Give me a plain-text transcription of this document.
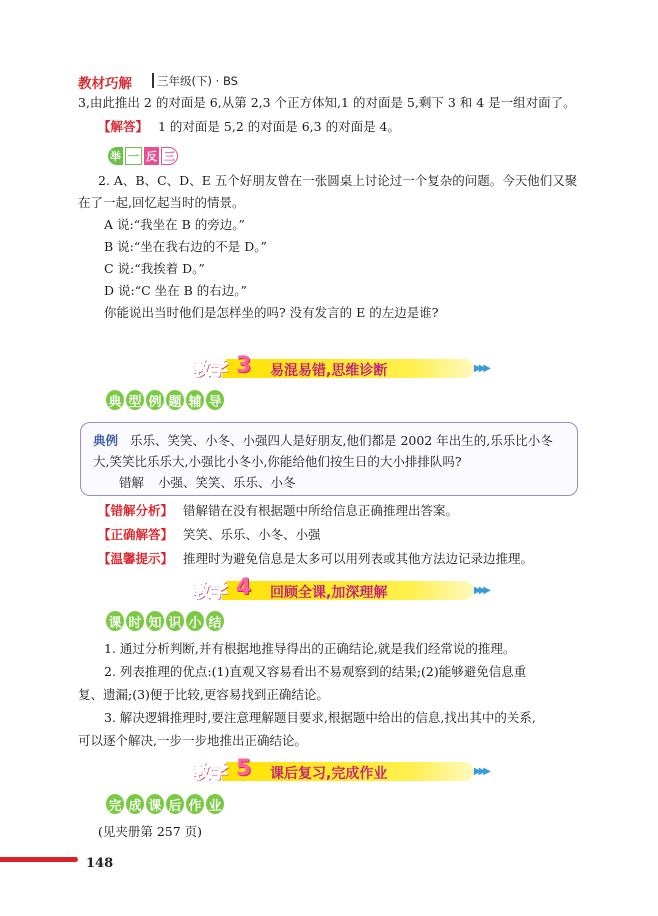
教材巧解 三年级(下) · BS
3,由此推出 2 的对面是 6,从第 2,3 个正方体知,1 的对面是 5,剩下 3 和 4 是一组对面了。
【解答】 1 的对面是 5,2 的对面是 6,3 的对面是 4。
举 一 反 三
2. A、B、C、D、E 五个好朋友曾在一张圆桌上讨论过一个复杂的问题。今天他们又聚
在了一起,回忆起当时的情景。
A 说:“我坐在 B 的旁边。”
B 说:“坐在我右边的不是 D。”
C 说:“我挨着 D。”
D 说:“C 坐在 B 的右边。”
你能说出当时他们是怎样坐的吗? 没有发言的 E 的左边是谁?
教学 3 易混易错,思维诊断	▶▶▶
典 型 例 题 辅 导
典例 乐乐、笑笑、小冬、小强四人是好朋友,他们都是 2002 年出生的,乐乐比小冬
大,笑笑比乐乐大,小强比小冬小,你能给他们按生日的大小排排队吗?
错解 小强、笑笑、乐乐、小冬
【错解分析】 错解错在没有根据题中所给信息正确推理出答案。
【正确解答】 笑笑、乐乐、小冬、小强
【温馨提示】 推理时为避免信息是太多可以用列表或其他方法边记录边推理。
教学 4 回顾全课,加深理解	▶▶▶
课 时 知 识 小 结
1. 通过分析判断,并有根据地推导得出的正确结论,就是我们经常说的推理。
2. 列表推理的优点:(1)直观又容易看出不易观察到的结果;(2)能够避免信息重
复、遗漏;(3)便于比较,更容易找到正确结论。
3. 解决逻辑推理时,要注意理解题目要求,根据题中给出的信息,找出其中的关系,
可以逐个解决,一步一步地推出正确结论。
教学 5 课后复习,完成作业	▶▶▶
完 成 课 后 作 业
(见夹册第 257 页)
148
